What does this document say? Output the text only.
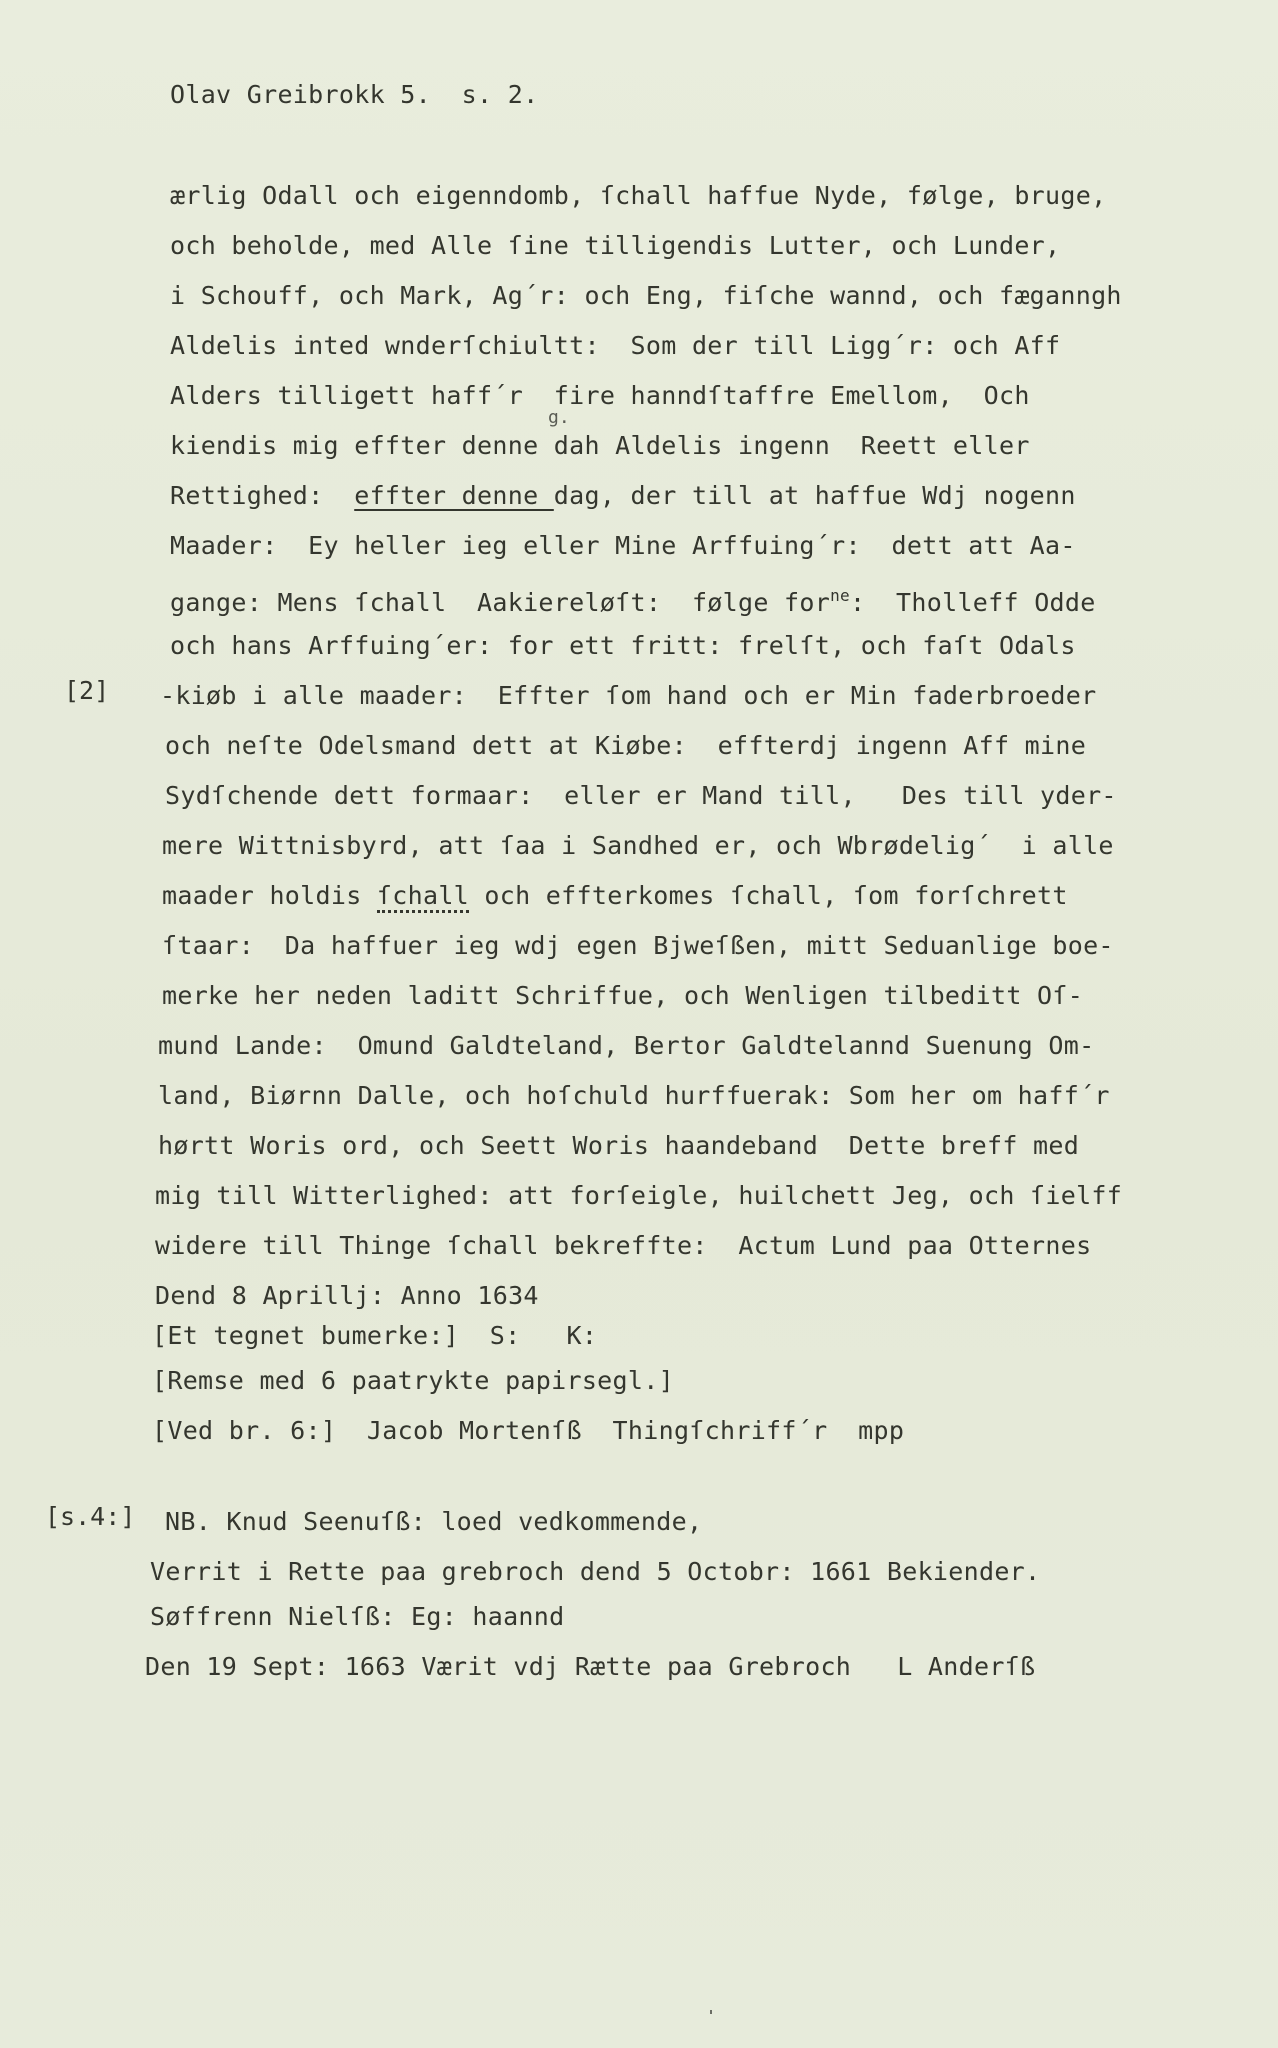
Olav Greibrokk 5.  s. 2.
ærlig Odall och eigenndomb, ſchall haffue Nyde, følge, bruge,
och beholde, med Alle ſine tilligendis Lutter, och Lunder,
i Schouff, och Mark, Ag´r: och Eng, fiſche wannd, och fæganngh
Aldelis inted wnderſchiultt:  Som der till Ligg´r: och Aff
Alders tilligett haff´r  fire hanndſtaffre Emellom,  Och
kiendis mig effter denne dah Aldelis ingenn  Reett eller
g.
Rettighed:  effter denne dag, der till at haffue Wdj nogenn
Maader:  Ey heller ieg eller Mine Arffuing´r:  dett att Aa-
gange: Mens ſchall  Aakiereløſt:  følge for$^{ne}$:  Tholleff Odde
och hans Arffuing´er: for ett fritt: frelſt, och faſt Odals
[2] -kiøb i alle maader:  Effter ſom hand och er Min faderbroeder
och neſte Odelsmand dett at Kiøbe:  effterdj ingenn Aff mine
Sydſchende dett formaar:  eller er Mand till,   Des till yder-
mere Wittnisbyrd, att ſaa i Sandhed er, och Wbrødelig´  i alle
maader holdis ſchall och effterkomes ſchall, ſom forſchrett
ſtaar:  Da haffuer ieg wdj egen Bjweſßen, mitt Seduanlige boe-
merke her neden laditt Schriffue, och Wenligen tilbeditt Oſ-
mund Lande:  Omund Galdteland, Bertor Galdtelannd Suenung Om-
land, Biørnn Dalle, och hoſchuld hurffuerak: Som her om haff´r
hørtt Woris ord, och Seett Woris haandeband  Dette breff med
mig till Witterlighed: att forſeigle, huilchett Jeg, och ſielff
widere till Thinge ſchall bekreffte:  Actum Lund paa Otternes
Dend 8 Aprillj: Anno 1634
[Et tegnet bumerke:]  S:   K:
[Remse med 6 paatrykte papirsegl.]
[Ved br. 6:]  Jacob Mortenſß  Thingſchriff´r  mpp
[s.4:] NB. Knud Seenuſß: loed vedkommende,
Verrit i Rette paa grebroch dend 5 Octobr: 1661 Bekiender.
Søffrenn Nielſß: Eg: haannd
Den 19 Sept: 1663 Værit vdj Rætte paa Grebroch   L Anderſß
